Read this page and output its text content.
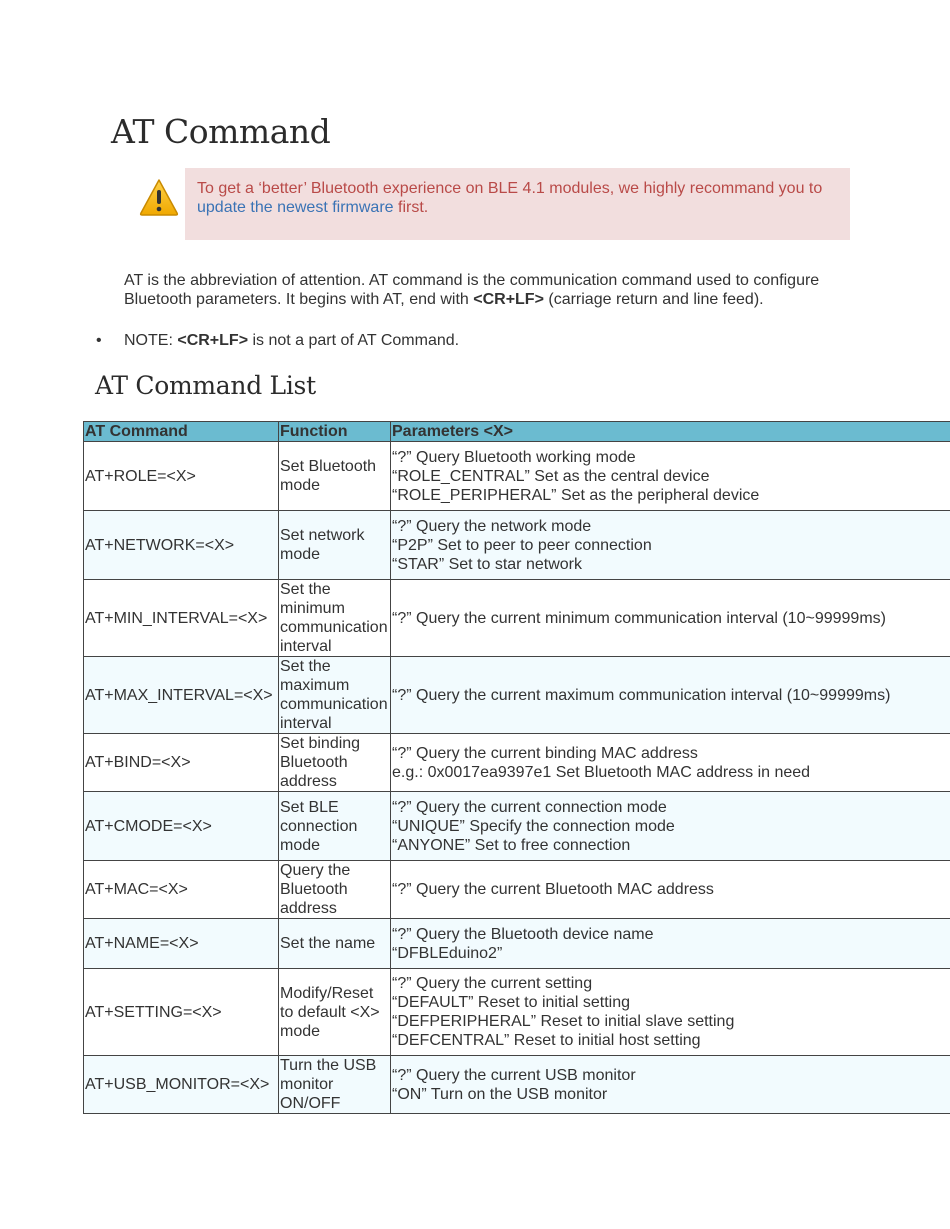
AT Command
To get a ‘better’ Bluetooth experience on BLE 4.1 modules, we highly recommand you to update the newest firmware first.

AT is the abbreviation of attention. AT command is the communication command used to configure Bluetooth parameters. It begins with AT, end with <CR+LF> (carriage return and line feed).

• NOTE: <CR+LF> is not a part of AT Command.

AT Command List
AT Command	Function	Parameters <X>
AT+ROLE=<X>	Set Bluetooth mode	“?” Query Bluetooth working mode
“ROLE_CENTRAL” Set as the central device
“ROLE_PERIPHERAL” Set as the peripheral device

AT+NETWORK=<X>	Set network mode	“?” Query the network mode
“P2P” Set to peer to peer connection
“STAR” Set to star network

AT+MIN_INTERVAL=<X>	Set the minimum communication interval	“?” Query the current minimum communication interval (10~99999ms)

AT+MAX_INTERVAL=<X>	Set the maximum communication interval	“?” Query the current maximum communication interval (10~99999ms)

AT+BIND=<X>	Set binding Bluetooth address	“?” Query the current binding MAC address
e.g.: 0x0017ea9397e1 Set Bluetooth MAC address in need

AT+CMODE=<X>	Set BLE connection mode	“?” Query the current connection mode
“UNIQUE” Specify the connection mode
“ANYONE” Set to free connection

AT+MAC=<X>	Query the Bluetooth address	“?” Query the current Bluetooth MAC address

AT+NAME=<X>	Set the name	“?” Query the Bluetooth device name
“DFBLEduino2”

AT+SETTING=<X>	Modify/Reset to default <X> mode	“?” Query the current setting
“DEFAULT” Reset to initial setting
“DEFPERIPHERAL” Reset to initial slave setting
“DEFCENTRAL” Reset to initial host setting

AT+USB_MONITOR=<X>	Turn the USB monitor ON/OFF	“?” Query the current USB monitor
“ON” Turn on the USB monitor
